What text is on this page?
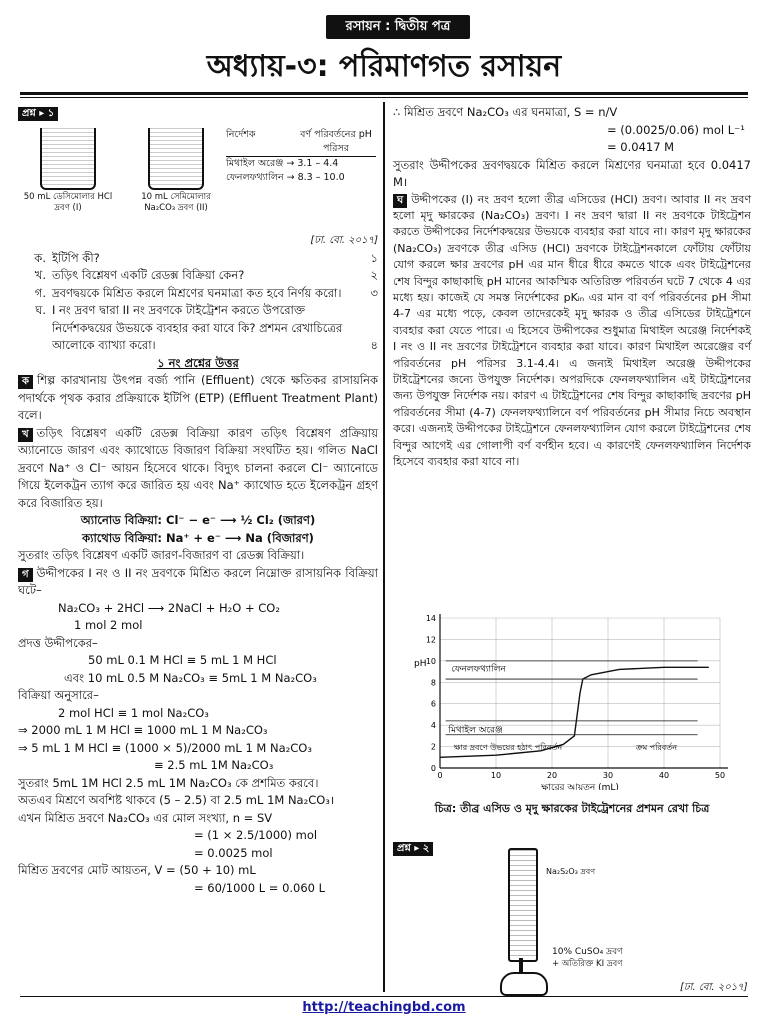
রসায়ন : দ্বিতীয় পত্র
অধ্যায়-৩: পরিমাণগত রসায়ন
প্রশ্ন ▸ ১
50 mL ডেসিমোলার HCl দ্রবণ (I)
10 mL সেমিমোলার Na₂CO₃ দ্রবণ (II)
নির্দেশক	বর্ণ পরিবর্তনের pH পরিসর
মিথাইল অরেঞ্জ → 3.1 – 4.4
ফেনলফথ্যালিন → 8.3 – 10.0
[ঢা. বো. ২০১৭]
ক. ইটিপি কী?	১
খ. তড়িৎ বিশ্লেষণ একটি রেডক্স বিক্রিয়া কেন?	২
গ. দ্রবণদ্বয়কে মিশ্রিত করলে মিশ্রণের ঘনমাত্রা কত হবে নির্ণয় করো।	৩
ঘ. I নং দ্রবণ দ্বারা II নং দ্রবণকে টাইট্রেশন করতে উপরোক্ত নির্দেশকদ্বয়ের উভয়কে ব্যবহার করা যাবে কি? প্রশমন রেখাচিত্রের আলোকে ব্যাখ্যা করো।	৪
১ নং প্রশ্নের উত্তর

ক শিল্প কারখানায় উৎপন্ন বর্জ্য পানি (Effluent) থেকে ক্ষতিকর রাসায়নিক পদার্থকে পৃথক করার প্রক্রিয়াকে ইটিপি (ETP) (Effluent Treatment Plant) বলে।

খ তড়িৎ বিশ্লেষণ একটি রেডক্স বিক্রিয়া কারণ তড়িৎ বিশ্লেষণ প্রক্রিয়ায় অ্যানোডে জারণ এবং ক্যাথোডে বিজারণ বিক্রিয়া সংঘটিত হয়। গলিত NaCl দ্রবণে Na⁺ ও Cl⁻ আয়ন হিসেবে থাকে। বিদ্যুৎ চালনা করলে Cl⁻ অ্যানোডে গিয়ে ইলেকট্রন ত্যাগ করে জারিত হয় এবং Na⁺ ক্যাথোড হতে ইলেকট্রন গ্রহণ করে বিজারিত হয়।

অ্যানোড বিক্রিয়া: Cl⁻ − e⁻ ⟶ ½ Cl₂ (জারণ)
ক্যাথোড বিক্রিয়া: Na⁺ + e⁻ ⟶ Na (বিজারণ)

সুতরাং তড়িৎ বিশ্লেষণ একটি জারণ-বিজারণ বা রেডক্স বিক্রিয়া।

গ উদ্দীপকের I নং ও II নং দ্রবণকে মিশ্রিত করলে নিম্নোক্ত রাসায়নিক বিক্রিয়া ঘটে–

Na₂CO₃ + 2HCl ⟶ 2NaCl + H₂O + CO₂
1 mol 2 mol
প্রদত্ত উদ্দীপকের–
50 mL 0.1 M HCl ≡ 5 mL 1 M HCl
এবং 10 mL 0.5 M Na₂CO₃ ≡ 5mL 1 M Na₂CO₃
বিক্রিয়া অনুসারে–
2 mol HCl ≡ 1 mol Na₂CO₃
⇒ 2000 mL 1 M HCl ≡ 1000 mL 1 M Na₂CO₃
⇒ 5 mL 1 M HCl ≡ (1000 × 5)/2000 mL 1 M Na₂CO₃
≡ 2.5 mL 1M Na₂CO₃
সুতরাং 5mL 1M HCl 2.5 mL 1M Na₂CO₃ কে প্রশমিত করবে।
অতএব মিশ্রণে অবশিষ্ট থাকবে (5 – 2.5) বা 2.5 mL 1M Na₂CO₃।
এখন মিশ্রিত দ্রবণে Na₂CO₃ এর মোল সংখ্যা, n = SV
= (1 × 2.5/1000) mol
= 0.0025 mol
মিশ্রিত দ্রবণের মোট আয়তন, V = (50 + 10) mL
= 60/1000 L = 0.060 L
∴ মিশ্রিত দ্রবণে Na₂CO₃ এর ঘনমাত্রা, S = n/V
= (0.0025/0.06) mol L⁻¹
= 0.0417 M

সুতরাং উদ্দীপকের দ্রবণদ্বয়কে মিশ্রিত করলে মিশ্রণের ঘনমাত্রা হবে 0.0417 M।

ঘ উদ্দীপকের (I) নং দ্রবণ হলো তীব্র এসিডের (HCl) দ্রবণ। আবার II নং দ্রবণ হলো মৃদু ক্ষারকের (Na₂CO₃) দ্রবণ। I নং দ্রবণ দ্বারা II নং দ্রবণকে টাইট্রেশন করতে উদ্দীপকের নির্দেশকদ্বয়ের উভয়কে ব্যবহার করা যাবে না। কারণ মৃদু ক্ষারকের (Na₂CO₃) দ্রবণকে তীব্র এসিড (HCl) দ্রবণকে টাইট্রেশনকালে ফোঁটায় ফোঁটায় যোগ করলে ক্ষার দ্রবণের pH এর মান ধীরে ধীরে কমতে থাকে এবং টাইট্রেশনের শেষ বিন্দুর কাছাকাছি pH মানের আকস্মিক অতিরিক্ত পরিবর্তন ঘটে 7 থেকে 4 এর মধ্যে হয়। কাজেই যে সমস্ত নির্দেশকের pKᵢₙ এর মান বা বর্ণ পরিবর্তনের pH সীমা 4-7 এর মধ্যে পড়ে, কেবল তাদেরকেই মৃদু ক্ষারক ও তীব্র এসিডের টাইট্রেশনে ব্যবহার করা যেতে পারে। এ হিসেবে উদ্দীপকের শুধুমাত্র মিথাইল অরেঞ্জ নির্দেশকই I নং ও II নং দ্রবণের টাইট্রেশনে ব্যবহার করা যাবে। কারণ মিথাইল অরেঞ্জের বর্ণ পরিবর্তনের pH পরিসর 3.1-4.4। এ জন্যই মিথাইল অরেঞ্জ উদ্দীপকের টাইট্রেশনের জন্যে উপযুক্ত নির্দেশক। অপরদিকে ফেনলফথ্যালিন এই টাইট্রেশনের জন্য উপযুক্ত নির্দেশক নয়। কারণ এ টাইট্রেশনের শেষ বিন্দুর কাছাকাছি দ্রবণের pH পরিবর্তনের সীমা (4-7) ফেনলফথ্যালিনে বর্ণ পরিবর্তনের pH সীমার নিচে অবস্থান করে। এজন্যই উদ্দীপকের টাইট্রেশনে ফেনলফথ্যালিন যোগ করলে টাইট্রেশনের শেষ বিন্দুর আগেই এর গোলাপী বর্ণ বর্ণহীন হবে। এ কারণেই ফেনলফথ্যালিন নির্দেশক হিসেবে ব্যবহার করা যাবে না।

0
2
4
6
8
10
12
14
0	10	20	30	40	50
pH
ফেনলফথ্যালিন
মিথাইল অরেঞ্জ
ক্ষার দ্রবণে উভয়ের হঠাৎ পরিবর্তন	ক্রম পরিবর্তন
ক্ষারের আয়তন (mL)
চিত্র: তীব্র এসিড ও মৃদু ক্ষারকের টাইট্রেশনের প্রশমন রেখা চিত্র
প্রশ্ন ▸ ২
Na₂S₂O₃ দ্রবণ
10% CuSO₄ দ্রবণ
+ অতিরিক্ত KI দ্রবণ
[ঢা. বো. ২০১৭]
http://teachingbd.com
